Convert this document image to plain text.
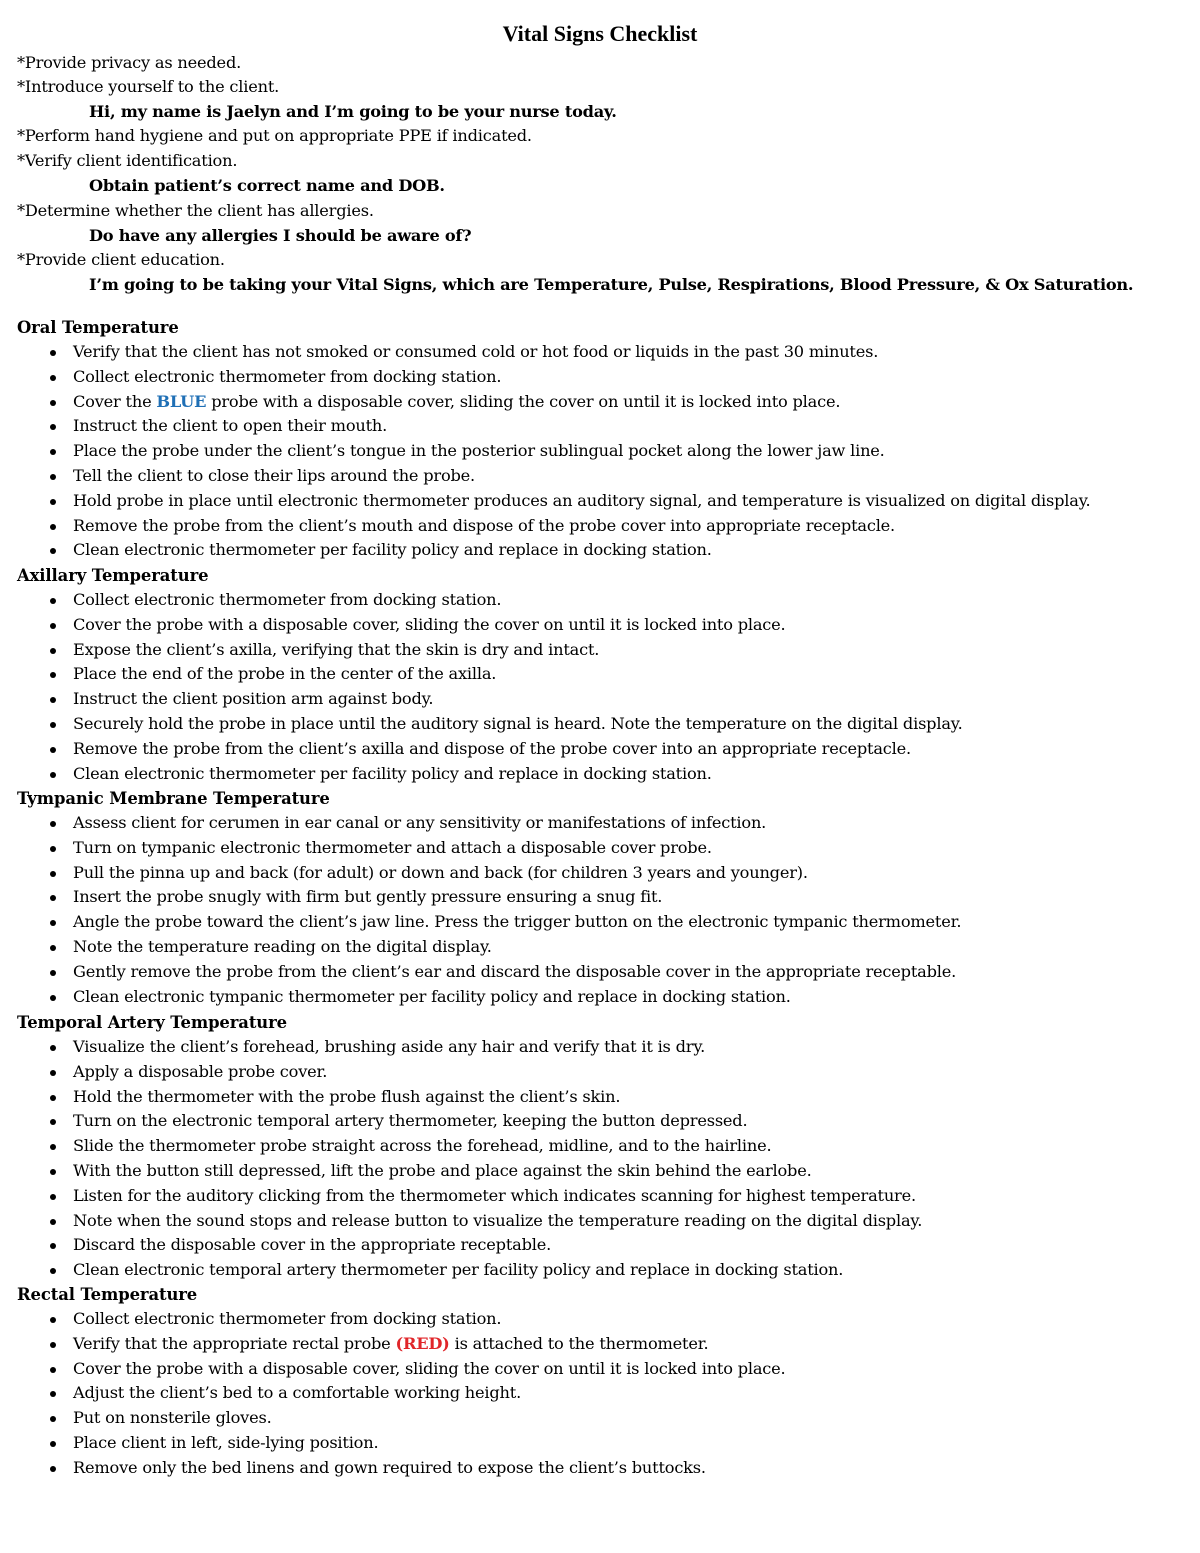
Vital Signs Checklist
*Provide privacy as needed.
*Introduce yourself to the client.
Hi, my name is Jaelyn and I’m going to be your nurse today.
*Perform hand hygiene and put on appropriate PPE if indicated.
*Verify client identification.
Obtain patient’s correct name and DOB.
*Determine whether the client has allergies.
Do have any allergies I should be aware of?
*Provide client education.
I’m going to be taking your Vital Signs, which are Temperature, Pulse, Respirations, Blood Pressure, & Ox Saturation.
Oral Temperature
Verify that the client has not smoked or consumed cold or hot food or liquids in the past 30 minutes.
Collect electronic thermometer from docking station.
Cover the BLUE probe with a disposable cover, sliding the cover on until it is locked into place.
Instruct the client to open their mouth.
Place the probe under the client’s tongue in the posterior sublingual pocket along the lower jaw line.
Tell the client to close their lips around the probe.
Hold probe in place until electronic thermometer produces an auditory signal, and temperature is visualized on digital display.
Remove the probe from the client’s mouth and dispose of the probe cover into appropriate receptacle.
Clean electronic thermometer per facility policy and replace in docking station.
Axillary Temperature
Collect electronic thermometer from docking station.
Cover the probe with a disposable cover, sliding the cover on until it is locked into place.
Expose the client’s axilla, verifying that the skin is dry and intact.
Place the end of the probe in the center of the axilla.
Instruct the client position arm against body.
Securely hold the probe in place until the auditory signal is heard. Note the temperature on the digital display.
Remove the probe from the client’s axilla and dispose of the probe cover into an appropriate receptacle.
Clean electronic thermometer per facility policy and replace in docking station.
Tympanic Membrane Temperature
Assess client for cerumen in ear canal or any sensitivity or manifestations of infection.
Turn on tympanic electronic thermometer and attach a disposable cover probe.
Pull the pinna up and back (for adult) or down and back (for children 3 years and younger).
Insert the probe snugly with firm but gently pressure ensuring a snug fit.
Angle the probe toward the client’s jaw line. Press the trigger button on the electronic tympanic thermometer.
Note the temperature reading on the digital display.
Gently remove the probe from the client’s ear and discard the disposable cover in the appropriate receptable.
Clean electronic tympanic thermometer per facility policy and replace in docking station.
Temporal Artery Temperature
Visualize the client’s forehead, brushing aside any hair and verify that it is dry.
Apply a disposable probe cover.
Hold the thermometer with the probe flush against the client’s skin.
Turn on the electronic temporal artery thermometer, keeping the button depressed.
Slide the thermometer probe straight across the forehead, midline, and to the hairline.
With the button still depressed, lift the probe and place against the skin behind the earlobe.
Listen for the auditory clicking from the thermometer which indicates scanning for highest temperature.
Note when the sound stops and release button to visualize the temperature reading on the digital display.
Discard the disposable cover in the appropriate receptable.
Clean electronic temporal artery thermometer per facility policy and replace in docking station.
Rectal Temperature
Collect electronic thermometer from docking station.
Verify that the appropriate rectal probe (RED) is attached to the thermometer.
Cover the probe with a disposable cover, sliding the cover on until it is locked into place.
Adjust the client’s bed to a comfortable working height.
Put on nonsterile gloves.
Place client in left, side-lying position.
Remove only the bed linens and gown required to expose the client’s buttocks.
